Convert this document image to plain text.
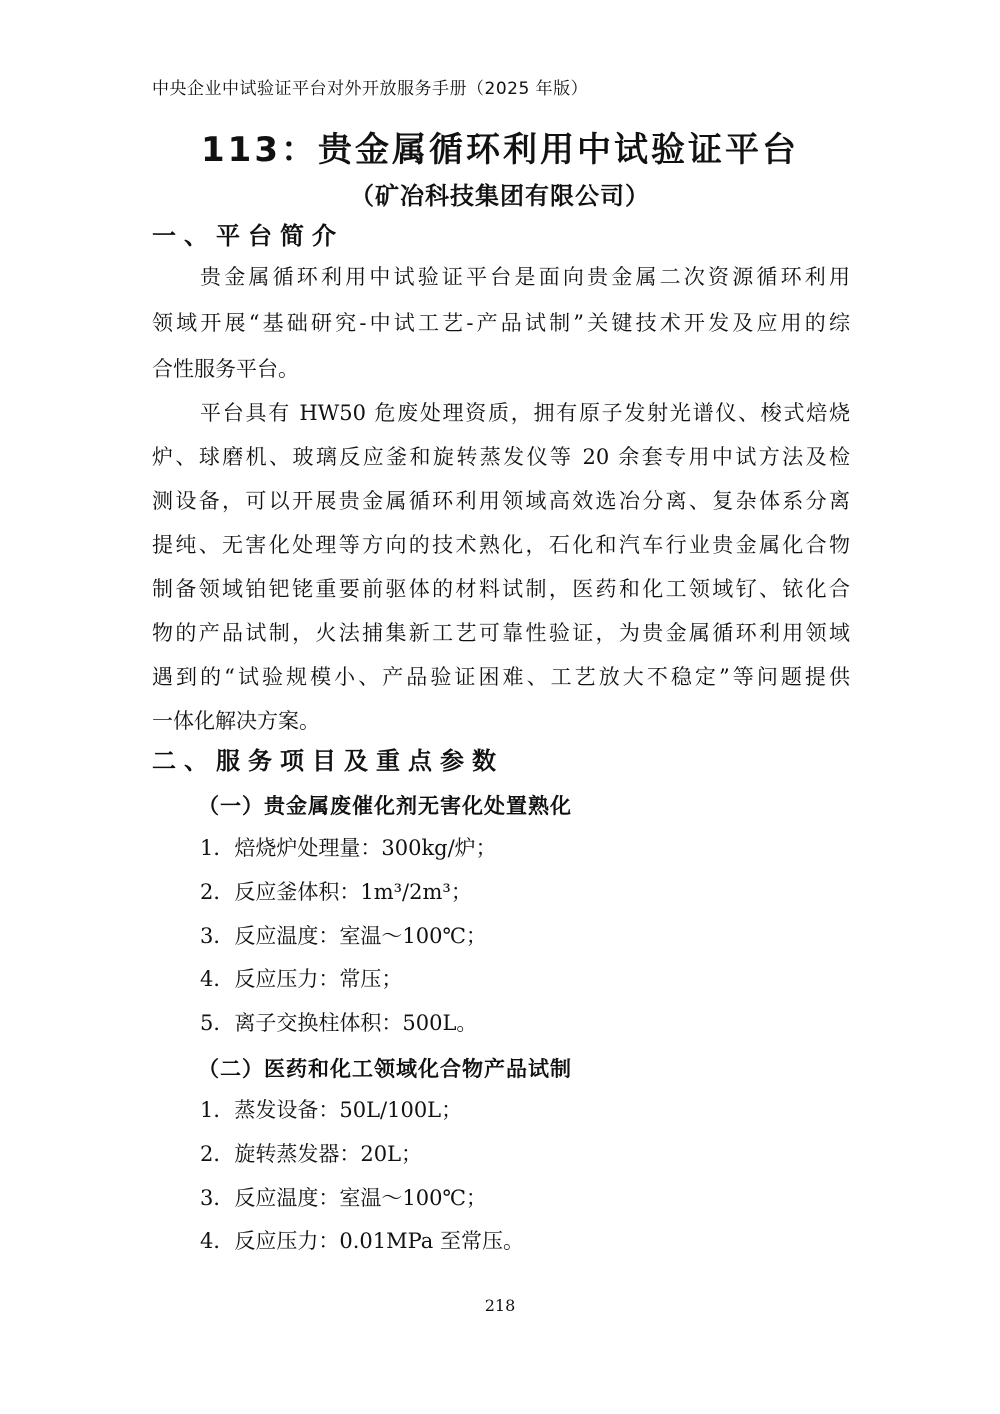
中央企业中试验证平台对外开放服务手册（2025 年版）
113：贵金属循环利用中试验证平台
（矿冶科技集团有限公司）
一、平台简介
贵金属循环利用中试验证平台是面向贵金属二次资源循环利用
领域开展“基础研究-中试工艺-产品试制”关键技术开发及应用的综
合性服务平台。
平台具有 HW50 危废处理资质，拥有原子发射光谱仪、梭式焙烧
炉、球磨机、玻璃反应釜和旋转蒸发仪等 20 余套专用中试方法及检
测设备，可以开展贵金属循环利用领域高效选冶分离、复杂体系分离
提纯、无害化处理等方向的技术熟化，石化和汽车行业贵金属化合物
制备领域铂钯铑重要前驱体的材料试制，医药和化工领域钌、铱化合
物的产品试制，火法捕集新工艺可靠性验证，为贵金属循环利用领域
遇到的“试验规模小、产品验证困难、工艺放大不稳定”等问题提供
一体化解决方案。
二、服务项目及重点参数
（一）贵金属废催化剂无害化处置熟化
1．焙烧炉处理量：300kg/炉；
2．反应釜体积：1m³/2m³；
3．反应温度：室温～100℃；
4．反应压力：常压；
5．离子交换柱体积：500L。
（二）医药和化工领域化合物产品试制
1．蒸发设备：50L/100L；
2．旋转蒸发器：20L；
3．反应温度：室温～100℃；
4．反应压力：0.01MPa 至常压。
218
